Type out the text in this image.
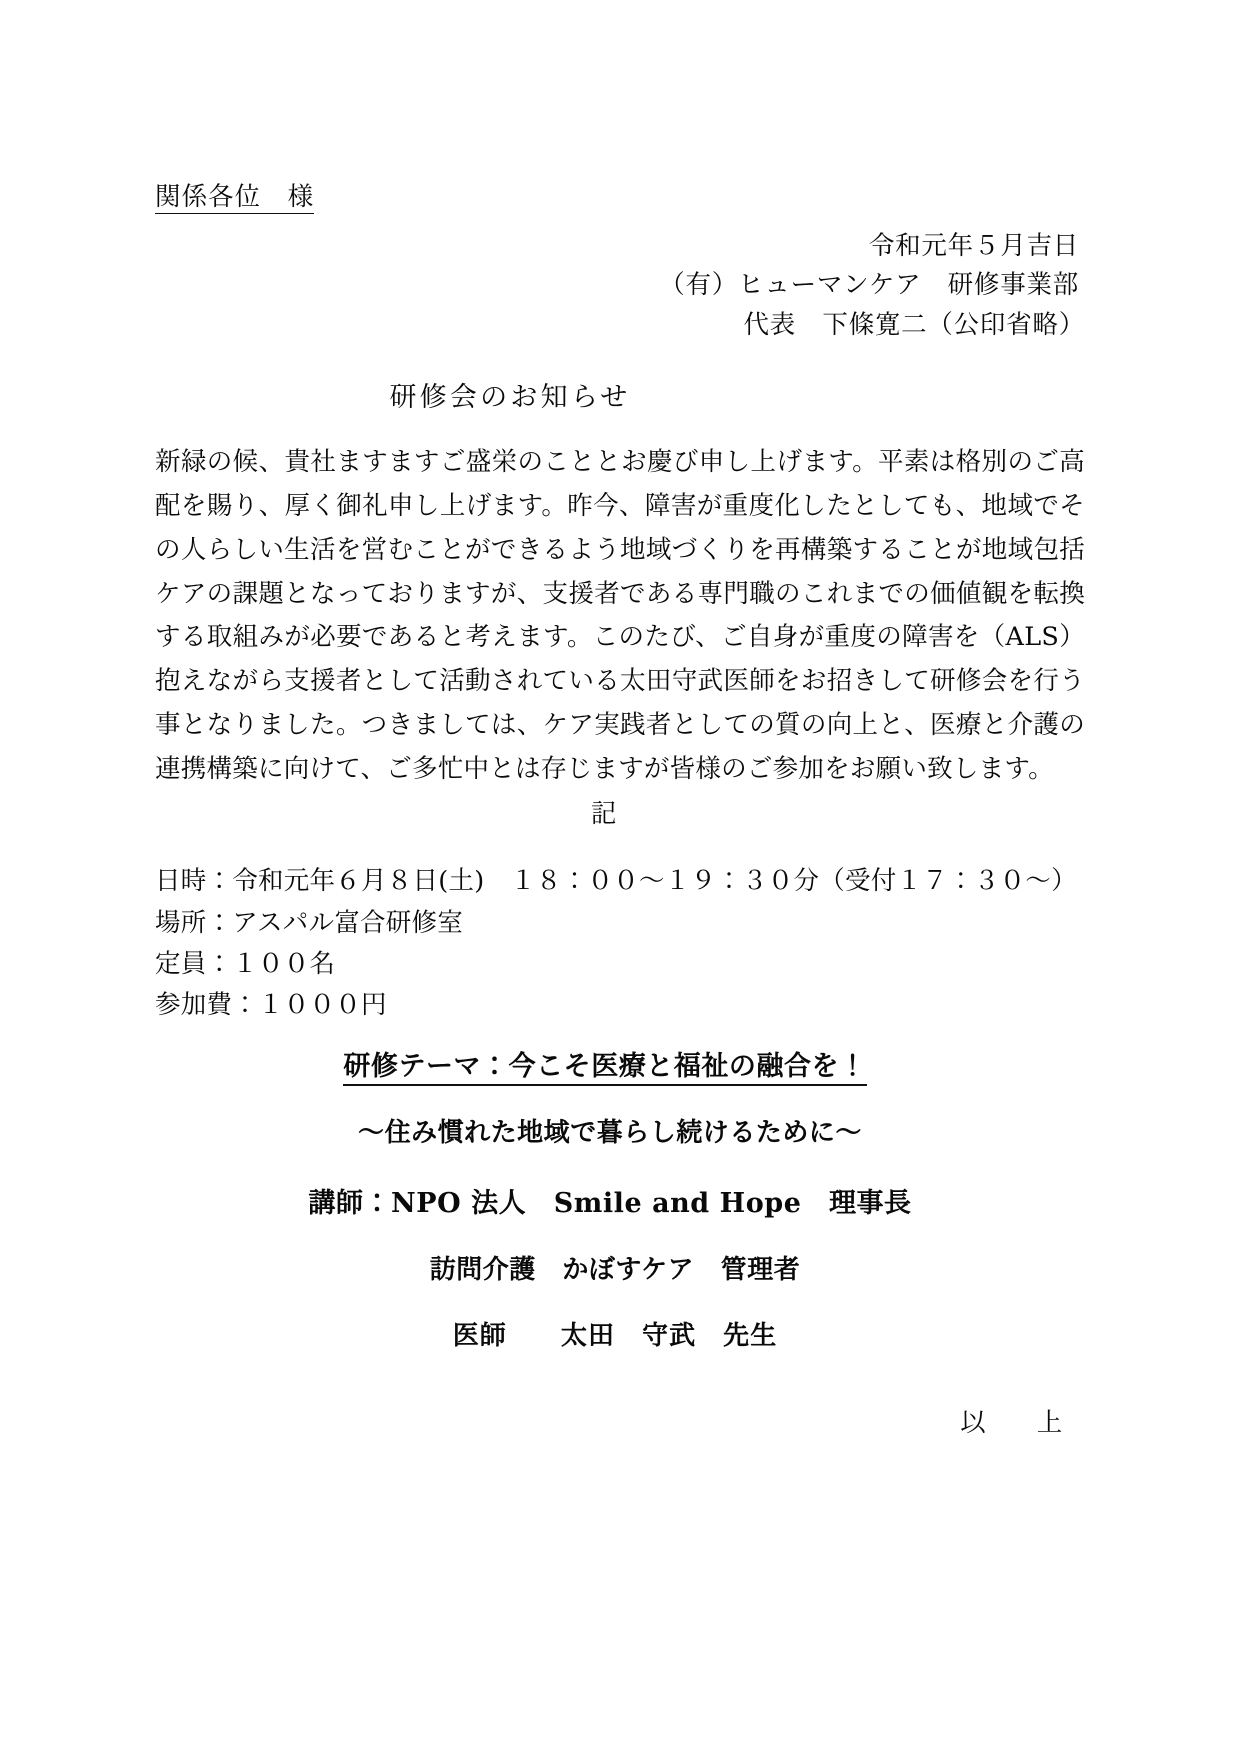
関係各位　様
令和元年５月吉日
（有）ヒューマンケア　研修事業部
代表　下條寛二（公印省略）
研修会のお知らせ
新緑の候、貴社ますますご盛栄のこととお慶び申し上げます。平素は格別のご高配を賜り、厚く御礼申し上げます。昨今、障害が重度化したとしても、地域でその人らしい生活を営むことができるよう地域づくりを再構築することが地域包括ケアの課題となっておりますが、支援者である専門職のこれまでの価値観を転換する取組みが必要であると考えます。このたび、ご自身が重度の障害を（ALS）抱えながら支援者として活動されている太田守武医師をお招きして研修会を行う事となりました。つきましては、ケア実践者としての質の向上と、医療と介護の連携構築に向けて、ご多忙中とは存じますが皆様のご参加をお願い致します。
記
日時：令和元年６月８日(土)　１８：００〜１９：３０分（受付１７：３０〜）
場所：アスパル富合研修室
定員：１００名
参加費：１０００円
研修テーマ：今こそ医療と福祉の融合を！
〜住み慣れた地域で暮らし続けるために〜
講師：NPO 法人　Smile and Hope　理事長
訪問介護　かぼすケア　管理者
医師　　太田　守武　先生
以　上
